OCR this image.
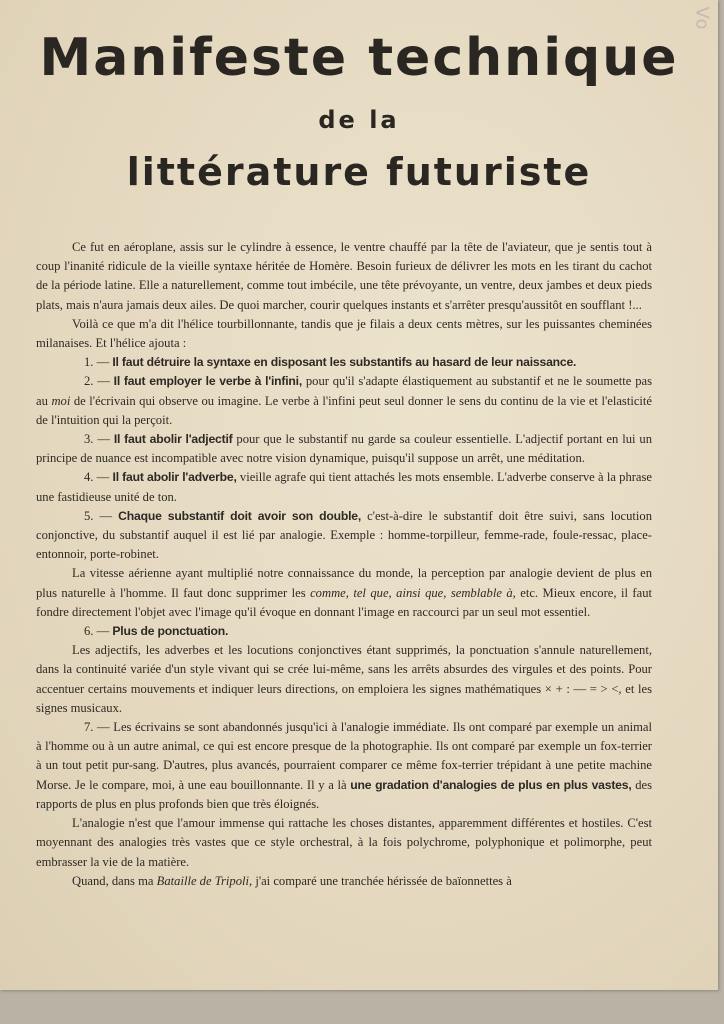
Vo
Manifeste technique
de la
littérature futuriste

Ce fut en aéroplane, assis sur le cylindre à essence, le ventre chauffé par la tête de l'aviateur, que je sentis tout à coup l'inanité ridicule de la vieille syntaxe héritée de Homère. Besoin furieux de délivrer les mots en les tirant du cachot de la période latine. Elle a naturellement, comme tout imbécile, une tête prévoyante, un ventre, deux jambes et deux pieds plats, mais n'aura jamais deux ailes. De quoi marcher, courir quelques instants et s'arrêter presqu'aussitôt en soufflant !...

Voilà ce que m'a dit l'hélice tourbillonnante, tandis que je filais a deux cents mètres, sur les puissantes cheminées milanaises. Et l'hélice ajouta :

1. — Il faut détruire la syntaxe en disposant les substantifs au hasard de leur naissance.

2. — Il faut employer le verbe à l'infini, pour qu'il s'adapte élastiquement au substantif et ne le soumette pas au moi de l'écrivain qui observe ou imagine. Le verbe à l'infini peut seul donner le sens du continu de la vie et l'elasticité de l'intuition qui la perçoit.

3. — Il faut abolir l'adjectif pour que le substantif nu garde sa couleur essentielle. L'adjectif portant en lui un principe de nuance est incompatible avec notre vision dynamique, puisqu'il suppose un arrêt, une méditation.

4. — Il faut abolir l'adverbe, vieille agrafe qui tient attachés les mots ensemble. L'adverbe conserve à la phrase une fastidieuse unité de ton.

5. — Chaque substantif doit avoir son double, c'est-à-dire le substantif doit être suivi, sans locution conjonctive, du substantif auquel il est lié par analogie. Exemple : homme-torpilleur, femme-rade, foule-ressac, place-entonnoir, porte-robinet.

La vitesse aérienne ayant multiplié notre connaissance du monde, la perception par analogie devient de plus en plus naturelle à l'homme. Il faut donc supprimer les comme, tel que, ainsi que, semblable à, etc. Mieux encore, il faut fondre directement l'objet avec l'image qu'il évoque en donnant l'image en raccourci par un seul mot essentiel.

6. — Plus de ponctuation.

Les adjectifs, les adverbes et les locutions conjonctives étant supprimés, la ponctuation s'annule naturellement, dans la continuité variée d'un style vivant qui se crée lui-même, sans les arrêts absurdes des virgules et des points. Pour accentuer certains mouvements et indiquer leurs directions, on emploiera les signes mathématiques × + : — = > <, et les signes musicaux.

7. — Les écrivains se sont abandonnés jusqu'ici à l'analogie immédiate. Ils ont comparé par exemple un animal à l'homme ou à un autre animal, ce qui est encore presque de la photographie. Ils ont comparé par exemple un fox-terrier à un tout petit pur-sang. D'autres, plus avancés, pourraient comparer ce même fox-terrier trépidant à une petite machine Morse. Je le compare, moi, à une eau bouillonnante. Il y a là une gradation d'analogies de plus en plus vastes, des rapports de plus en plus profonds bien que très éloignés.

L'analogie n'est que l'amour immense qui rattache les choses distantes, apparemment différentes et hostiles. C'est moyennant des analogies très vastes que ce style orchestral, à la fois polychrome, polyphonique et polimorphe, peut embrasser la vie de la matière.

Quand, dans ma Bataille de Tripoli, j'ai comparé une tranchée hérissée de baïonnettes à
